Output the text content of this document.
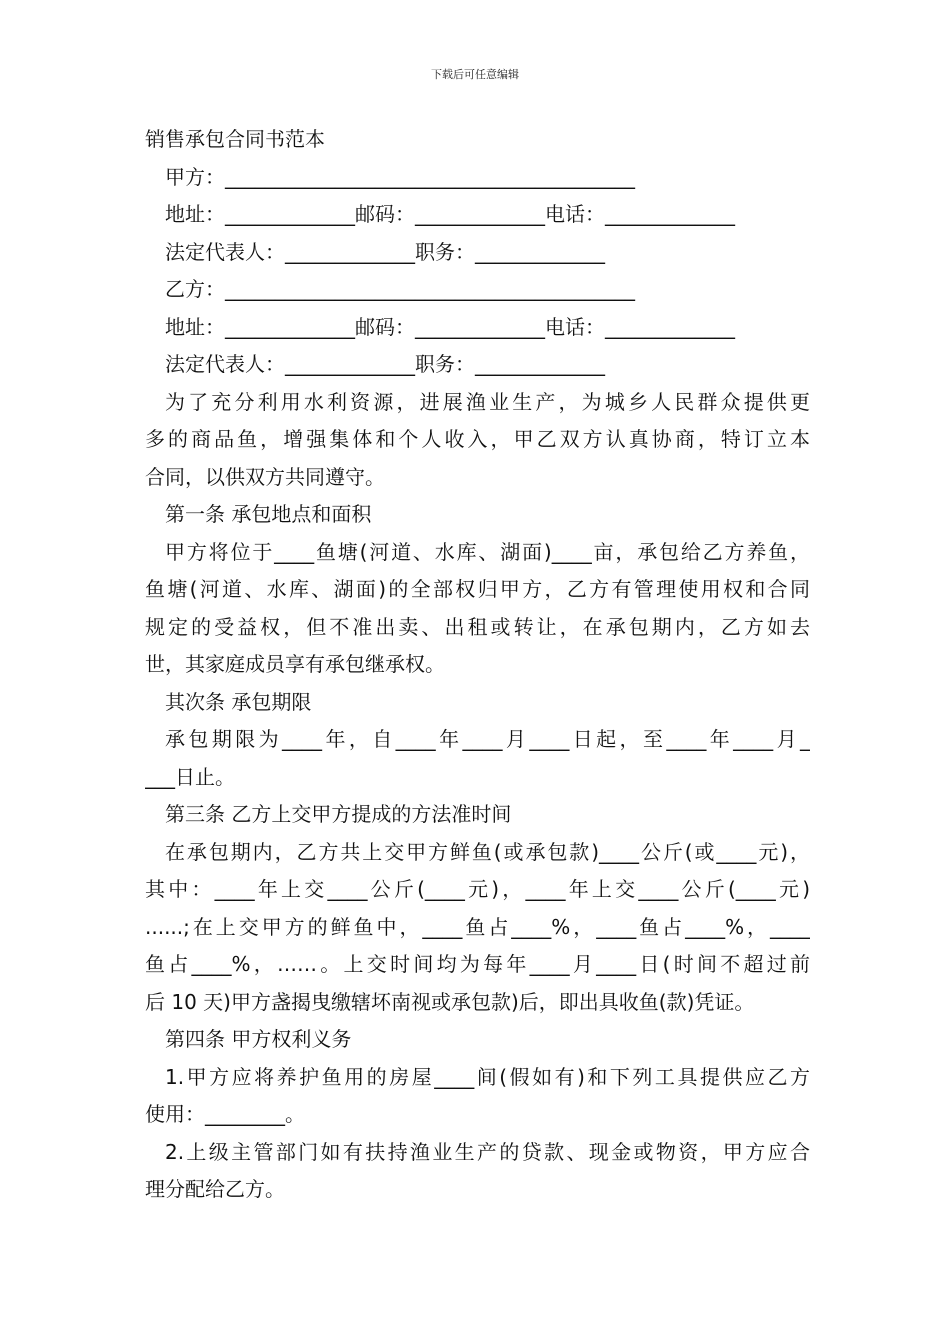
下载后可任意编辑
销售承包合同书范本
甲方：_________________________________________
地址：_____________邮码：_____________电话：_____________
法定代表人：_____________职务：_____________
乙方：_________________________________________
地址：_____________邮码：_____________电话：_____________
法定代表人：_____________职务：_____________
为了充分利用水利资源，进展渔业生产，为城乡人民群众提供更
多的商品鱼，增强集体和个人收入，甲乙双方认真协商，特订立本
合同，以供双方共同遵守。
第一条 承包地点和面积
甲方将位于____鱼塘(河道、水库、湖面)____亩，承包给乙方养鱼，
鱼塘(河道、水库、湖面)的全部权归甲方，乙方有管理使用权和合同
规定的受益权，但不准出卖、出租或转让，在承包期内，乙方如去
世，其家庭成员享有承包继承权。
其次条 承包期限
承包期限为____年，自____年____月____日起，至____年____月_
___日止。
第三条 乙方上交甲方提成的方法准时间
在承包期内，乙方共上交甲方鲜鱼(或承包款)____公斤(或____元)，
其中：____年上交____公斤(____元)，____年上交____公斤(____元)
......;在上交甲方的鲜鱼中，____鱼占____%，____鱼占____%，____
鱼占____%，……。上交时间均为每年____月____日(时间不超过前
后 10 天)甲方盏揭曳缴辖坏南视或承包款)后，即出具收鱼(款)凭证。
第四条 甲方权利义务
1.甲方应将养护鱼用的房屋____间(假如有)和下列工具提供应乙方
使用：________。
2.上级主管部门如有扶持渔业生产的贷款、现金或物资，甲方应合
理分配给乙方。
